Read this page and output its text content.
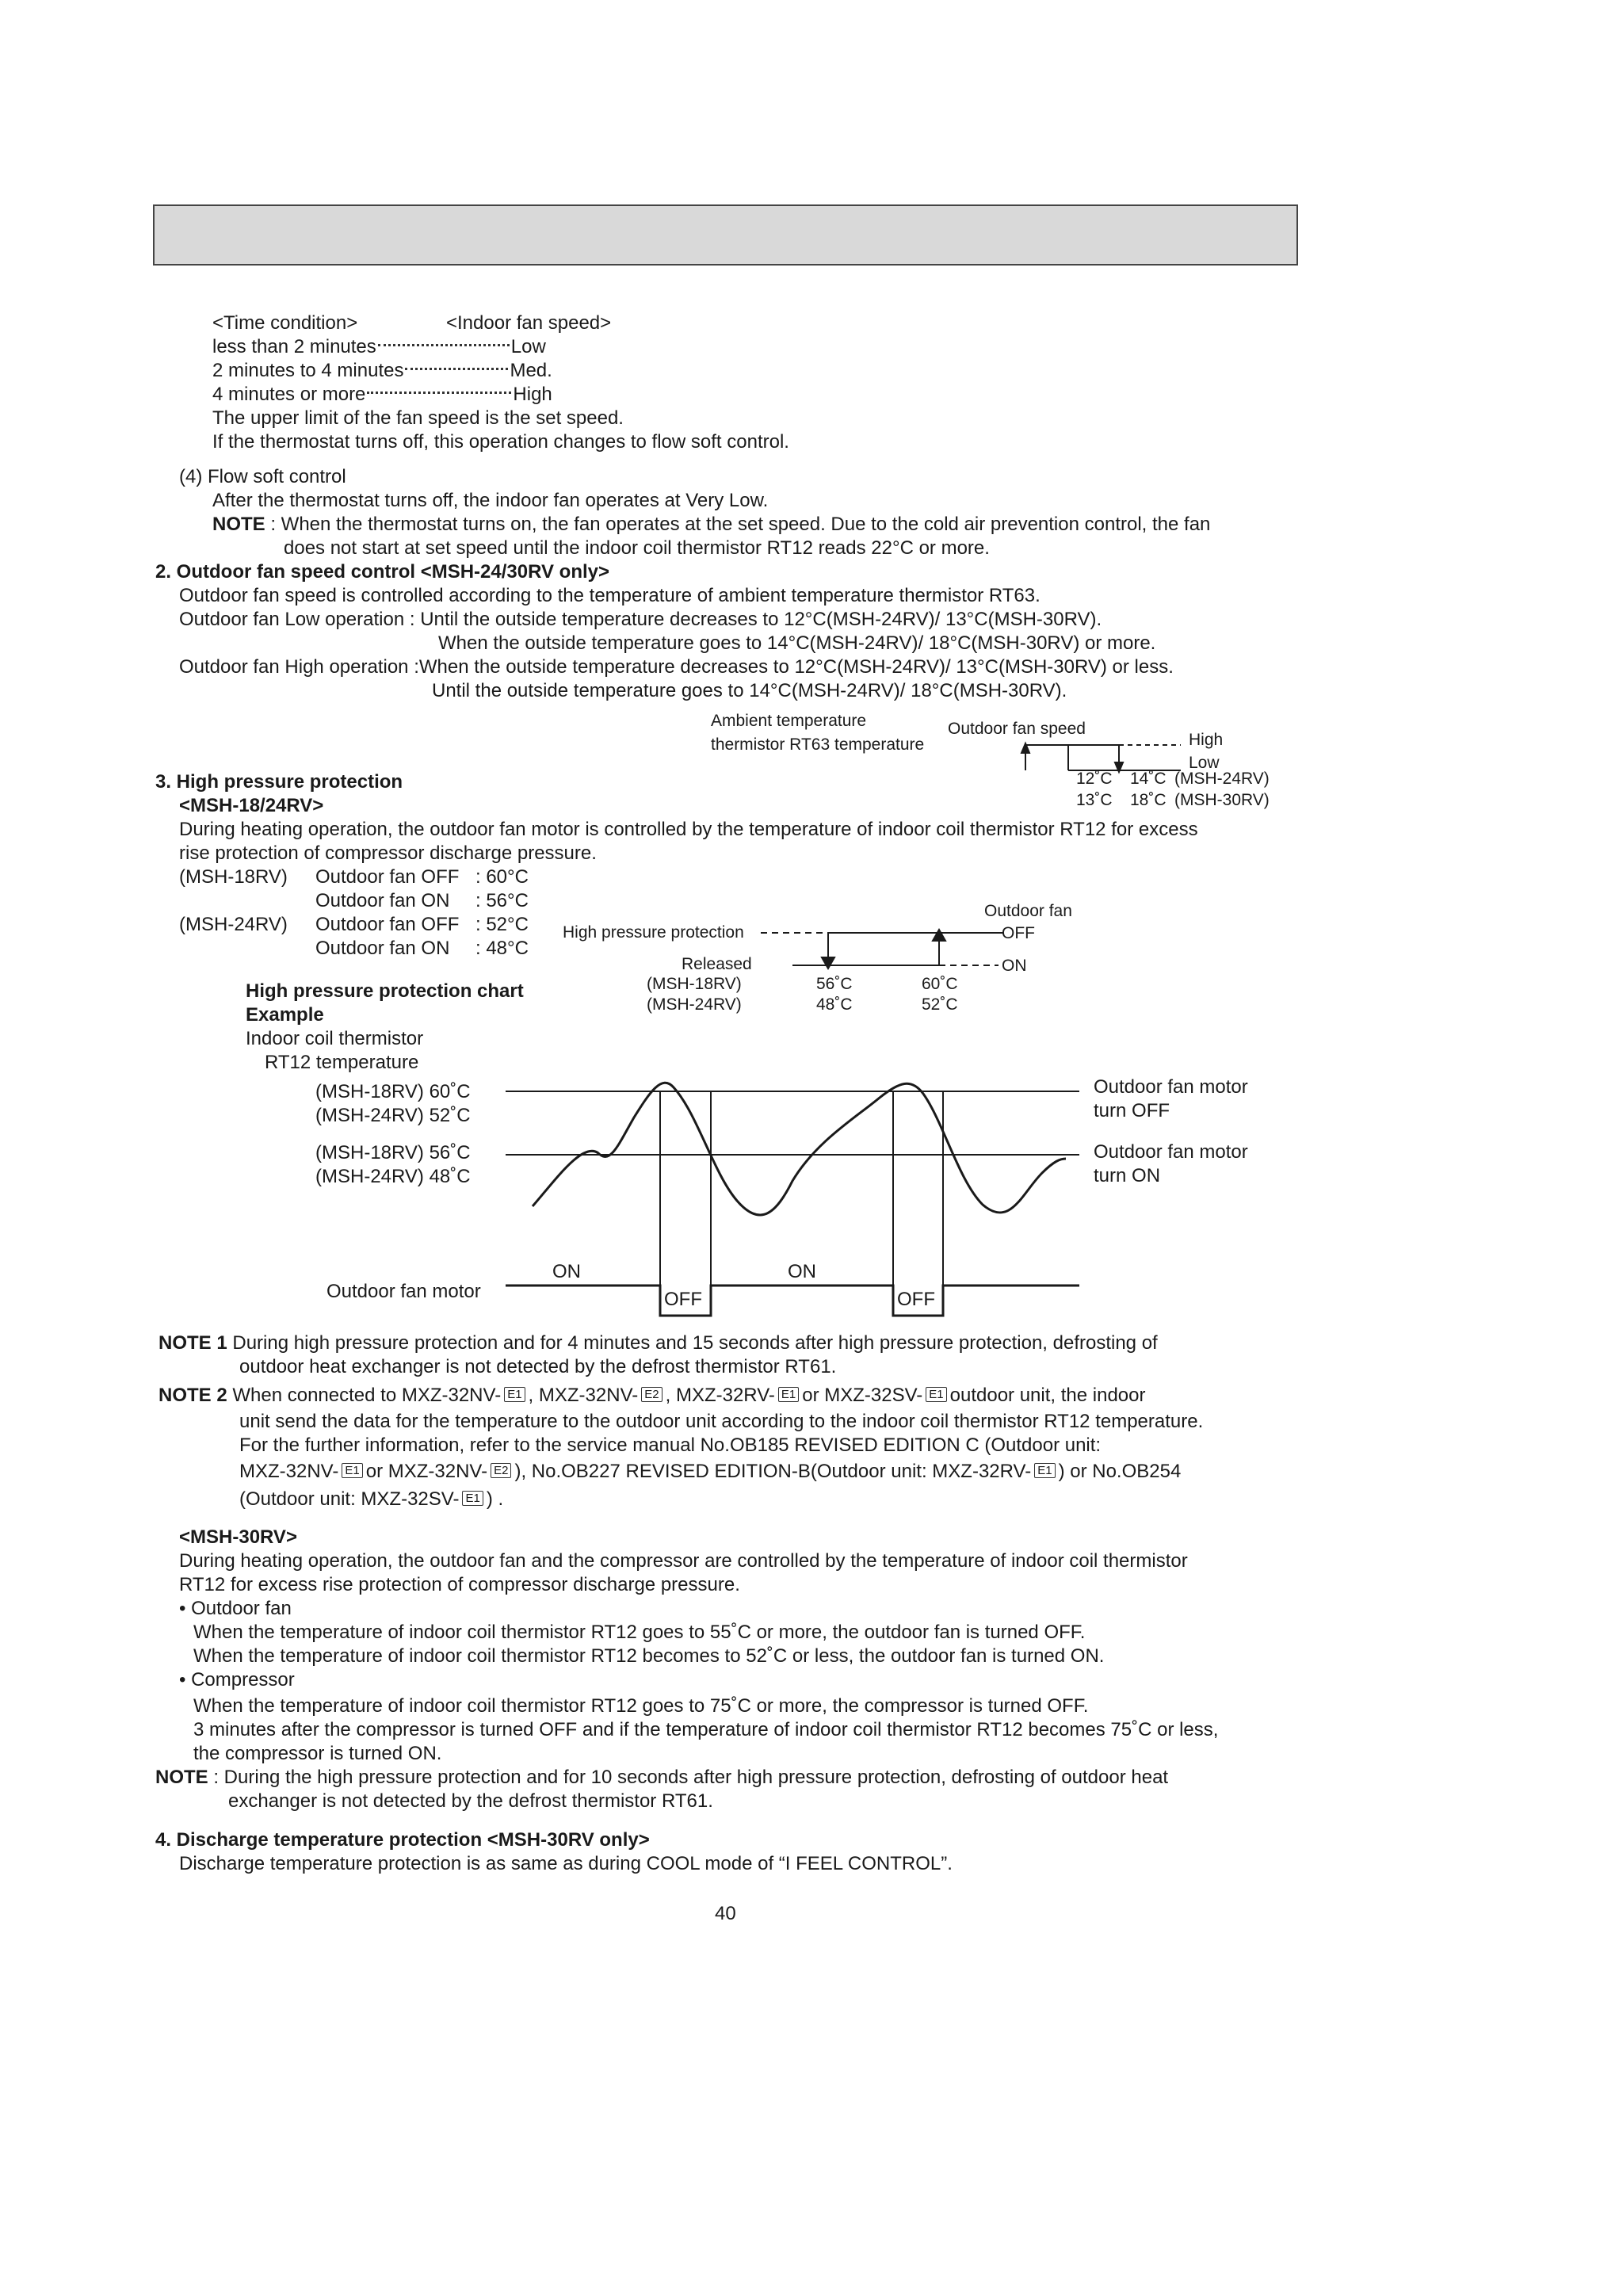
<Time condition>	<Indoor fan speed>
less than 2 minutes	Low
2 minutes to 4 minutes	Med.
4 minutes or more	High
The upper limit of the fan speed is the set speed.
If the thermostat turns off, this operation changes to flow soft control.
(4) Flow soft control
After the thermostat turns off, the indoor fan operates at Very Low.
NOTE : When the thermostat turns on, the fan operates at the set speed. Due to the cold air prevention control, the fan
does not start at set speed until the indoor coil thermistor RT12 reads 22°C or more.
2. Outdoor fan speed control <MSH-24/30RV only>
Outdoor fan speed is controlled according to the temperature of ambient temperature thermistor RT63.
Outdoor fan Low operation : Until the outside temperature decreases to 12°C(MSH-24RV)/ 13°C(MSH-30RV).
When the outside temperature goes to 14°C(MSH-24RV)/ 18°C(MSH-30RV) or more.
Outdoor fan High operation :When the outside temperature decreases to 12°C(MSH-24RV)/ 13°C(MSH-30RV) or less.
Until the outside temperature goes to 14°C(MSH-24RV)/ 18°C(MSH-30RV).
Ambient temperature
thermistor RT63 temperature
Outdoor fan speed
High
Low
12˚C 14˚C (MSH-24RV)
13˚C 18˚C (MSH-30RV)
3. High pressure protection
<MSH-18/24RV>
During heating operation, the outdoor fan motor is controlled by the temperature of indoor coil thermistor RT12 for excess
rise protection of compressor discharge pressure.
(MSH-18RV) Outdoor fan OFF : 60°C
Outdoor fan ON : 56°C
(MSH-24RV) Outdoor fan OFF : 52°C
Outdoor fan ON : 48°C
High pressure protection
Released
Outdoor fan
OFF
ON
(MSH-18RV)
(MSH-24RV)
56˚C
48˚C
60˚C
52˚C
High pressure protection chart
Example
Indoor coil thermistor
RT12 temperature
(MSH-18RV) 60˚C
(MSH-24RV) 52˚C
(MSH-18RV) 56˚C
(MSH-24RV) 48˚C
Outdoor fan motor
turn OFF
Outdoor fan motor
turn ON
Outdoor fan motor
ON
OFF
ON
OFF
NOTE 1 During high pressure protection and for 4 minutes and 15 seconds after high pressure protection, defrosting of
outdoor heat exchanger is not detected by the defrost thermistor RT61.
NOTE 2 When connected to MXZ-32NV- E1 , MXZ-32NV- E2 , MXZ-32RV- E1 or MXZ-32SV- E1 outdoor unit, the indoor
unit send the data for the temperature to the outdoor unit according to the indoor coil thermistor RT12 temperature.
For the further information, refer to the service manual No.OB185 REVISED EDITION C (Outdoor unit:
MXZ-32NV- E1 or MXZ-32NV- E2 ), No.OB227 REVISED EDITION-B(Outdoor unit: MXZ-32RV- E1 ) or No.OB254
(Outdoor unit: MXZ-32SV- E1 ) .
<MSH-30RV>
During heating operation, the outdoor fan and the compressor are controlled by the temperature of indoor coil thermistor
RT12 for excess rise protection of compressor discharge pressure.
• Outdoor fan
When the temperature of indoor coil thermistor RT12 goes to 55˚C or more, the outdoor fan is turned OFF.
When the temperature of indoor coil thermistor RT12 becomes to 52˚C or less, the outdoor fan is turned ON.
• Compressor
When the temperature of indoor coil thermistor RT12 goes to 75˚C or more, the compressor is turned OFF.
3 minutes after the compressor is turned OFF and if the temperature of indoor coil thermistor RT12 becomes 75˚C or less,
the compressor is turned ON.
NOTE : During the high pressure protection and for 10 seconds after high pressure protection, defrosting of outdoor heat
exchanger is not detected by the defrost thermistor RT61.
4. Discharge temperature protection <MSH-30RV only>
Discharge temperature protection is as same as during COOL mode of “I FEEL CONTROL”.
40
